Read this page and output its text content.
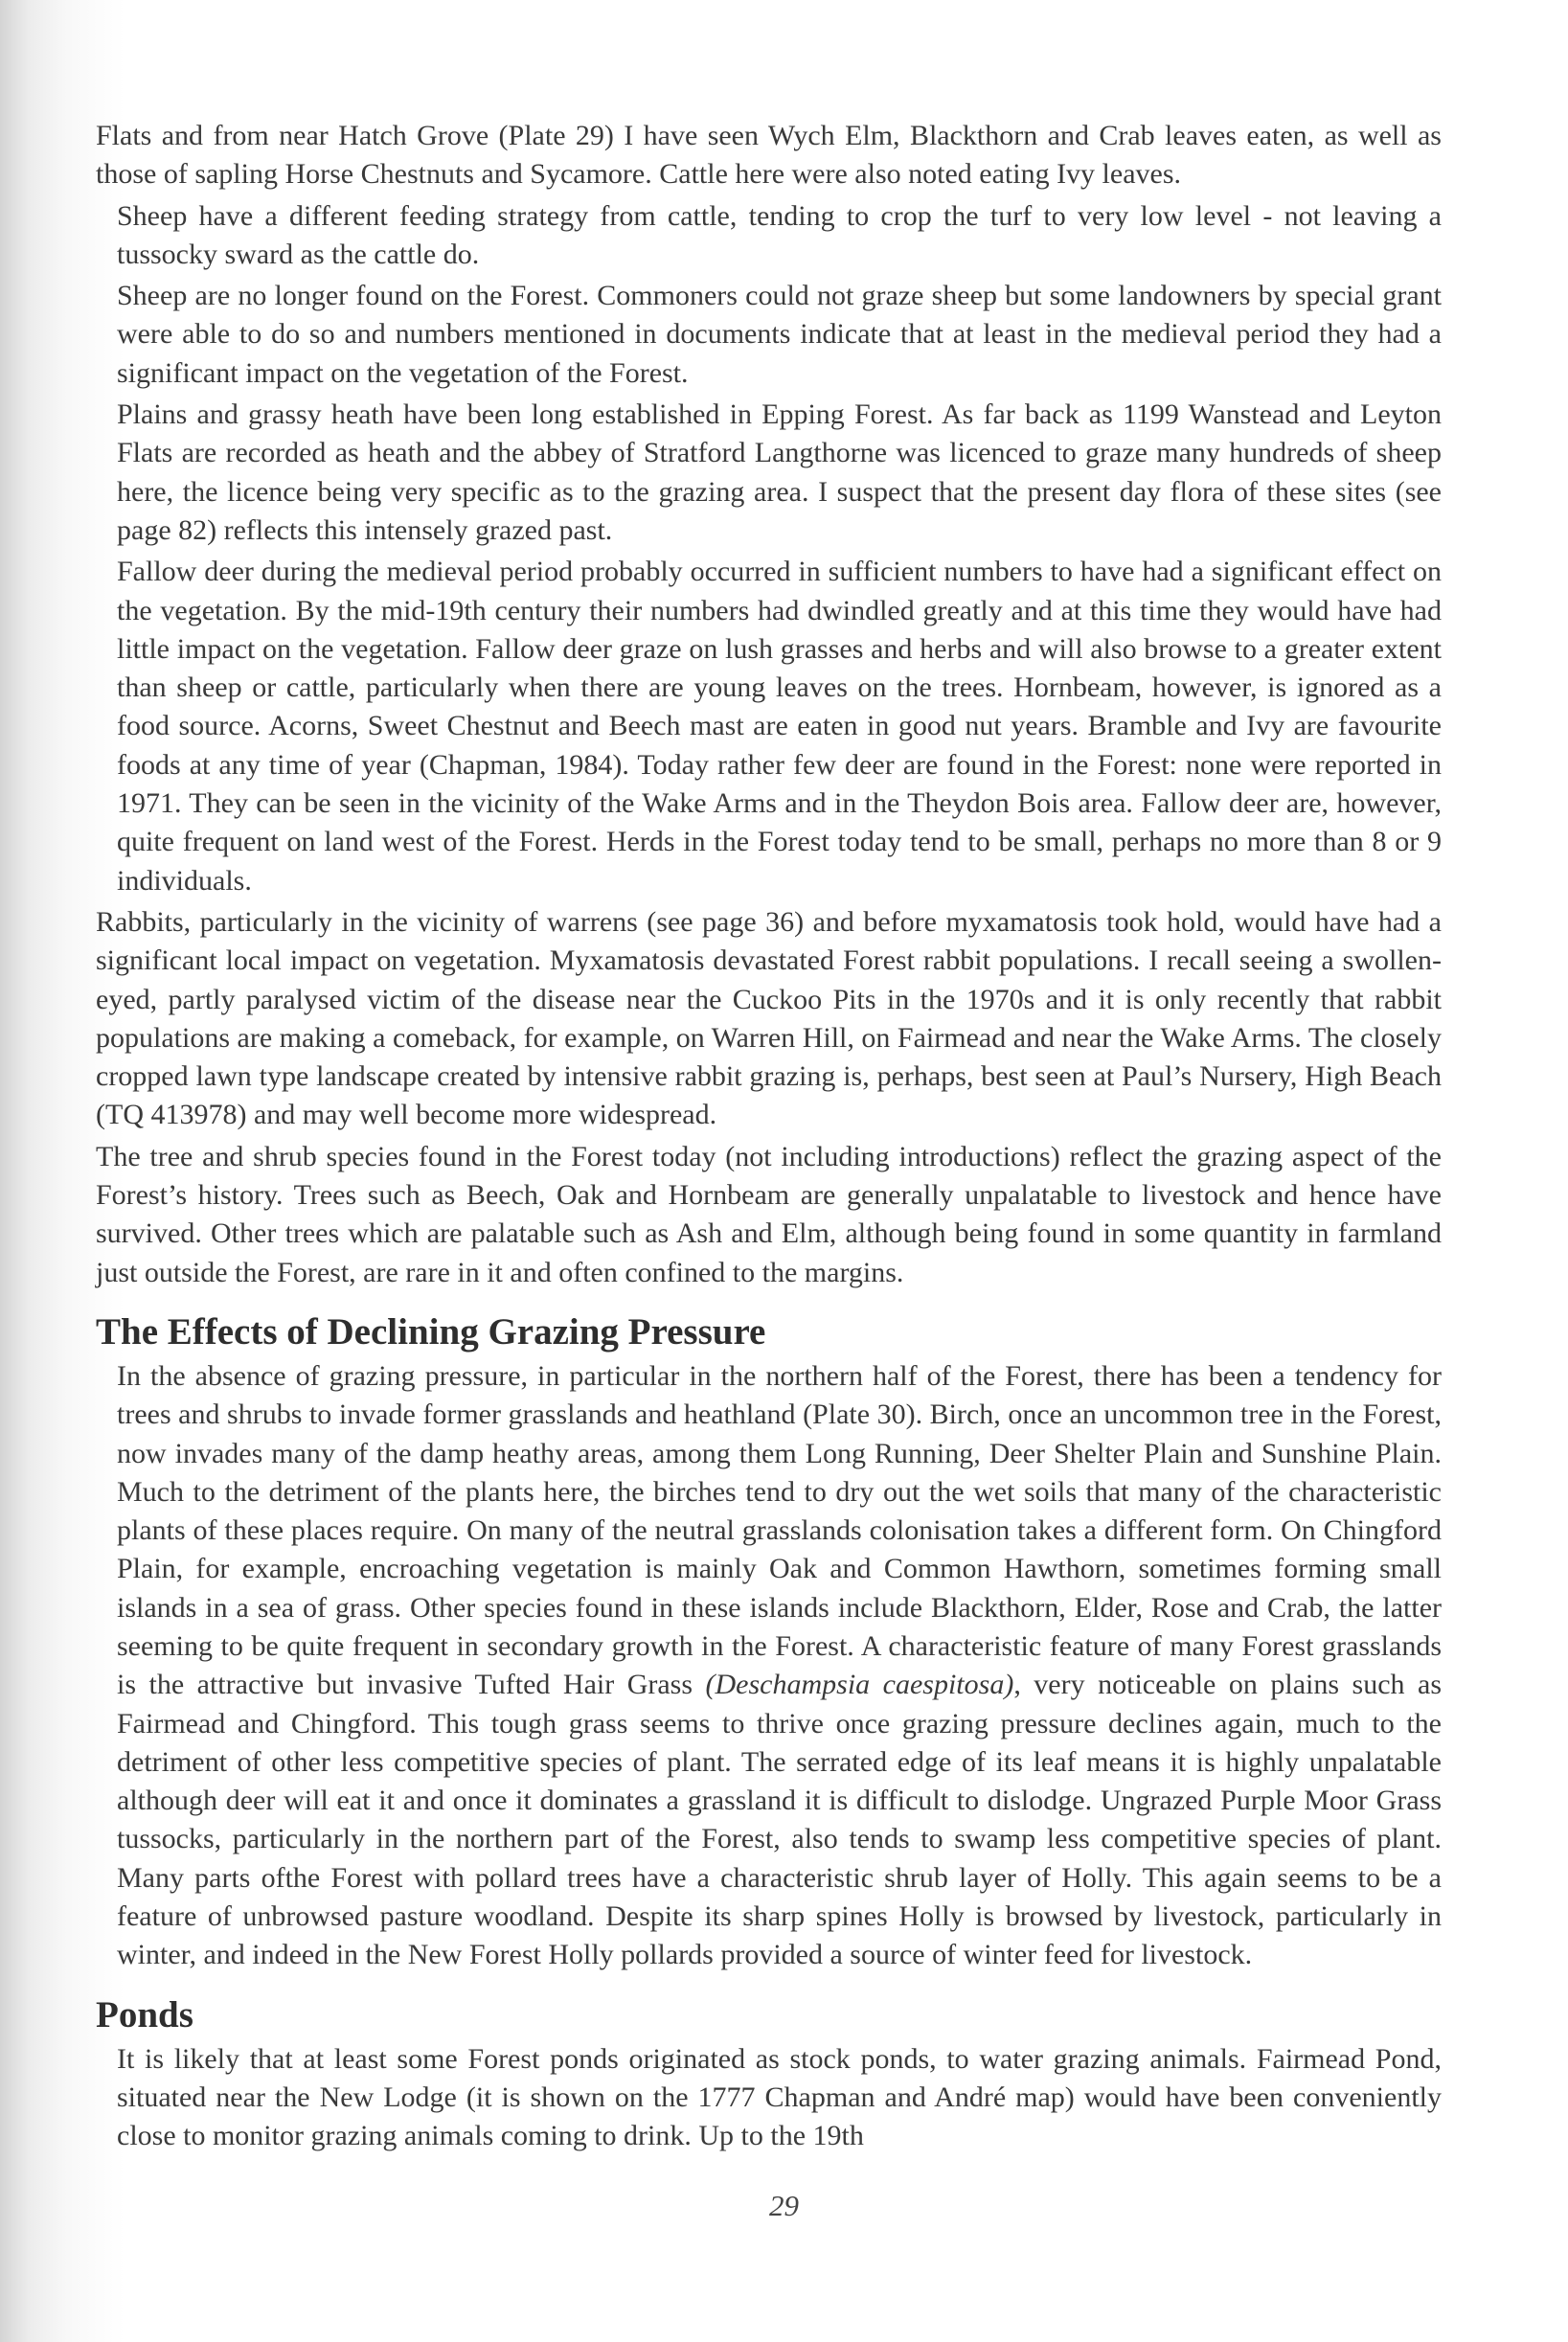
Flats and from near Hatch Grove (Plate 29) I have seen Wych Elm, Blackthorn and Crab leaves eaten, as well as those of sapling Horse Chestnuts and Sycamore. Cattle here were also noted eating Ivy leaves.

Sheep have a different feeding strategy from cattle, tending to crop the turf to very low level - not leaving a tussocky sward as the cattle do.

Sheep are no longer found on the Forest. Commoners could not graze sheep but some landowners by special grant were able to do so and numbers mentioned in documents indicate that at least in the medieval period they had a significant impact on the vegetation of the Forest.

Plains and grassy heath have been long established in Epping Forest. As far back as 1199 Wanstead and Leyton Flats are recorded as heath and the abbey of Stratford Langthorne was licenced to graze many hundreds of sheep here, the licence being very specific as to the grazing area. I suspect that the present day flora of these sites (see page 82) reflects this intensely grazed past.

Fallow deer during the medieval period probably occurred in sufficient numbers to have had a significant effect on the vegetation. By the mid-19th century their numbers had dwindled greatly and at this time they would have had little impact on the vegetation. Fallow deer graze on lush grasses and herbs and will also browse to a greater extent than sheep or cattle, particularly when there are young leaves on the trees. Hornbeam, however, is ignored as a food source. Acorns, Sweet Chestnut and Beech mast are eaten in good nut years. Bramble and Ivy are favourite foods at any time of year (Chapman, 1984). Today rather few deer are found in the Forest: none were reported in 1971. They can be seen in the vicinity of the Wake Arms and in the Theydon Bois area. Fallow deer are, however, quite frequent on land west of the Forest. Herds in the Forest today tend to be small, perhaps no more than 8 or 9 individuals.

Rabbits, particularly in the vicinity of warrens (see page 36) and before myxamatosis took hold, would have had a significant local impact on vegetation. Myxamatosis devastated Forest rabbit populations. I recall seeing a swollen-eyed, partly paralysed victim of the disease near the Cuckoo Pits in the 1970s and it is only recently that rabbit populations are making a comeback, for example, on Warren Hill, on Fairmead and near the Wake Arms. The closely cropped lawn type landscape created by intensive rabbit grazing is, perhaps, best seen at Paul’s Nursery, High Beach (TQ 413978) and may well become more widespread.

The tree and shrub species found in the Forest today (not including introductions) reflect the grazing aspect of the Forest’s history. Trees such as Beech, Oak and Hornbeam are generally unpalatable to livestock and hence have survived. Other trees which are palatable such as Ash and Elm, although being found in some quantity in farmland just outside the Forest, are rare in it and often confined to the margins.

The Effects of Declining Grazing Pressure

In the absence of grazing pressure, in particular in the northern half of the Forest, there has been a tendency for trees and shrubs to invade former grasslands and heathland (Plate 30). Birch, once an uncommon tree in the Forest, now invades many of the damp heathy areas, among them Long Running, Deer Shelter Plain and Sunshine Plain. Much to the detriment of the plants here, the birches tend to dry out the wet soils that many of the characteristic plants of these places require. On many of the neutral grasslands colonisation takes a different form. On Chingford Plain, for example, encroaching vegetation is mainly Oak and Common Hawthorn, sometimes forming small islands in a sea of grass. Other species found in these islands include Blackthorn, Elder, Rose and Crab, the latter seeming to be quite frequent in secondary growth in the Forest. A characteristic feature of many Forest grasslands is the attractive but invasive Tufted Hair Grass (Deschampsia caespitosa), very noticeable on plains such as Fairmead and Chingford. This tough grass seems to thrive once grazing pressure declines again, much to the detriment of other less competitive species of plant. The serrated edge of its leaf means it is highly unpalatable although deer will eat it and once it dominates a grassland it is difficult to dislodge. Ungrazed Purple Moor Grass tussocks, particularly in the northern part of the Forest, also tends to swamp less competitive species of plant. Many parts ofthe Forest with pollard trees have a characteristic shrub layer of Holly. This again seems to be a feature of unbrowsed pasture woodland. Despite its sharp spines Holly is browsed by livestock, particularly in winter, and indeed in the New Forest Holly pollards provided a source of winter feed for livestock.

Ponds

It is likely that at least some Forest ponds originated as stock ponds, to water grazing animals. Fairmead Pond, situated near the New Lodge (it is shown on the 1777 Chapman and André map) would have been conveniently close to monitor grazing animals coming to drink. Up to the 19th

29
